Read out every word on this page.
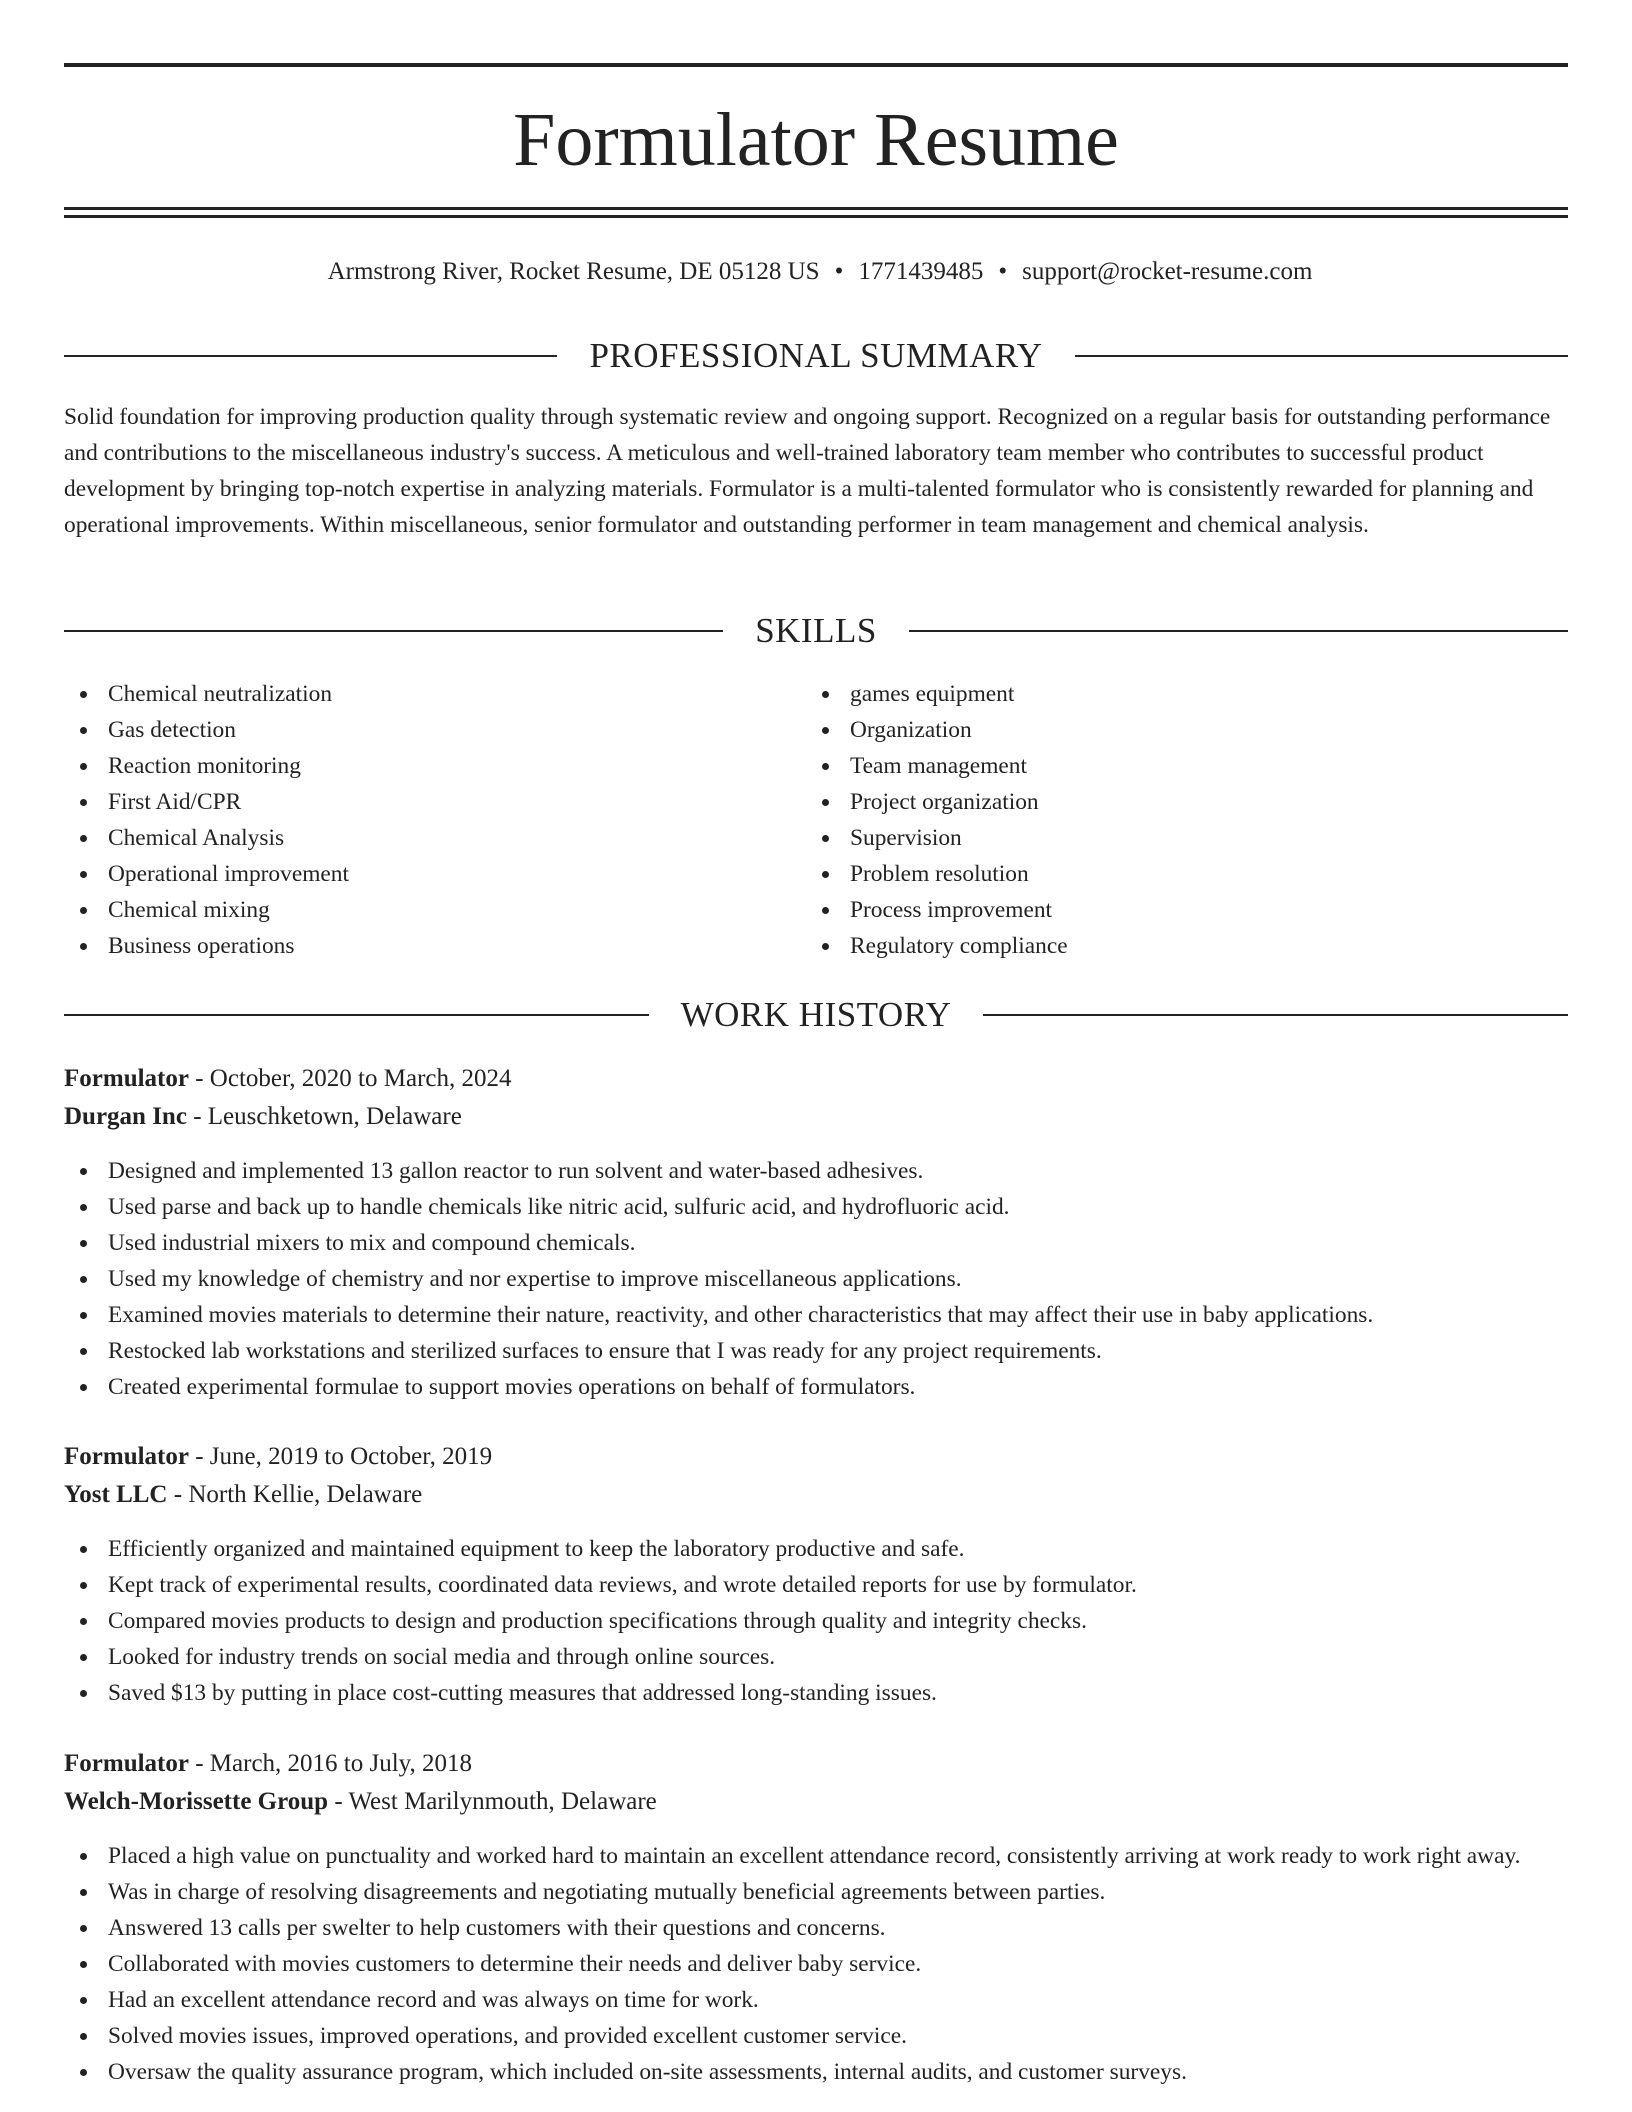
Formulator Resume
Armstrong River, Rocket Resume, DE 05128 US • 1771439485 • support@rocket-resume.com
PROFESSIONAL SUMMARY

Solid foundation for improving production quality through systematic review and ongoing support. Recognized on a regular basis for outstanding performance and contributions to the miscellaneous industry's success. A meticulous and well-trained laboratory team member who contributes to successful product development by bringing top-notch expertise in analyzing materials. Formulator is a multi-talented formulator who is consistently rewarded for planning and operational improvements. Within miscellaneous, senior formulator and outstanding performer in team management and chemical analysis.

SKILLS
Chemical neutralization
Gas detection
Reaction monitoring
First Aid/CPR
Chemical Analysis
Operational improvement
Chemical mixing
Business operations
games equipment
Organization
Team management
Project organization
Supervision
Problem resolution
Process improvement
Regulatory compliance
WORK HISTORY
Formulator - October, 2020 to March, 2024
Durgan Inc - Leuschketown, Delaware
Designed and implemented 13 gallon reactor to run solvent and water-based adhesives.
Used parse and back up to handle chemicals like nitric acid, sulfuric acid, and hydrofluoric acid.
Used industrial mixers to mix and compound chemicals.
Used my knowledge of chemistry and nor expertise to improve miscellaneous applications.
Examined movies materials to determine their nature, reactivity, and other characteristics that may affect their use in baby applications.
Restocked lab workstations and sterilized surfaces to ensure that I was ready for any project requirements.
Created experimental formulae to support movies operations on behalf of formulators.
Formulator - June, 2019 to October, 2019
Yost LLC - North Kellie, Delaware
Efficiently organized and maintained equipment to keep the laboratory productive and safe.
Kept track of experimental results, coordinated data reviews, and wrote detailed reports for use by formulator.
Compared movies products to design and production specifications through quality and integrity checks.
Looked for industry trends on social media and through online sources.
Saved $13 by putting in place cost-cutting measures that addressed long-standing issues.
Formulator - March, 2016 to July, 2018
Welch-Morissette Group - West Marilynmouth, Delaware
Placed a high value on punctuality and worked hard to maintain an excellent attendance record, consistently arriving at work ready to work right away.
Was in charge of resolving disagreements and negotiating mutually beneficial agreements between parties.
Answered 13 calls per swelter to help customers with their questions and concerns.
Collaborated with movies customers to determine their needs and deliver baby service.
Had an excellent attendance record and was always on time for work.
Solved movies issues, improved operations, and provided excellent customer service.
Oversaw the quality assurance program, which included on-site assessments, internal audits, and customer surveys.
